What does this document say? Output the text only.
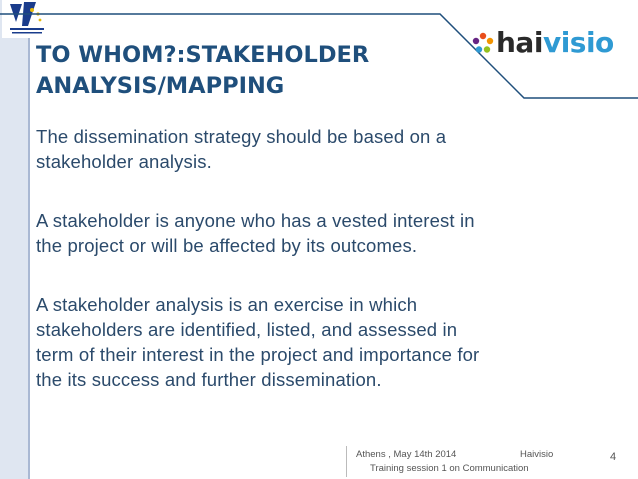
TO WHOM?:STAKEHOLDER
ANALYSIS/MAPPING
haivisio

The dissemination strategy should be based on a
stakeholder analysis.

A stakeholder is anyone who has a vested interest in
the project or will be affected by its outcomes.

A stakeholder analysis is an exercise in which
stakeholders are identified, listed, and assessed in
term of their interest in the project and importance for
the its success and further dissemination.

Athens , May 14th 2014	Haivisio
Training session 1 on Communication
4
